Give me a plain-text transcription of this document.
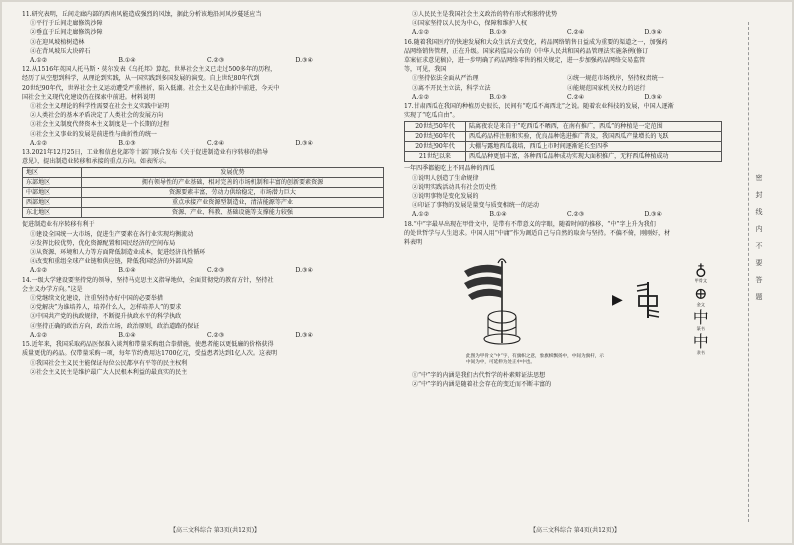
11.研究表明，丘间走廊内部的西南风能造成强烈的风蚀，据此分析该地沿河风沙蔓延应当

①平行于丘间走廊修筑沙障

②垂直于丘间走廊修筑沙障

③在迎风坡植树造林

④在背风坡压大块碎石

A.①②	B.①④	C.②③	D.③④

12.从1516年英国人托马斯・莫尔发表《乌托邦》算起，世界社会主义已走过500多年的历程，

经历了从空想到科学，从理论到实践，从一国实践到多国发展的演变。自上世纪80年代到

20世纪90年代，世界社会主义运动遭受严重挫折，陷入低潮。社会主义是在曲折中前进，今天中

国社会主义现代化建设仍在探索中前进。材料说明

①社会主义理论的科学性需要在社会主义实践中证明

②人类社会的基本矛盾决定了人类社会的发展方向

③社会主义制度代替资本主义制度是一个长期的过程

④社会主义事业的发展是前进性与曲折性的统一

A.①②	B.①③	C.②④	D.③④

13.2021年12月25日，工业和信息化部等十部门联合发布《关于促进制造业有序转移的指导

意见》，提出制造业转移和承接的重点方向。如表所示。

地区	发展优势
东部地区	拥有领导性的产业基础，相对完善的市场机制和丰富的创新要素资源
中部地区	资源要素丰富，劳动力供给稳定，市场潜力巨大
西部地区	重点承接产业资源型制造业，清洁能源等产业
东北地区	资源、产业、科教、基础设施等支撑能力较强

促进制造业有序转移有利于

①建设全国统一大市场，促进生产要素在各行业实现均衡流动

②发挥比较优势，优化资源配置和国民经济的空间布局

③从资源、环境和人力等方面降低制造业成本，促进经济良性循环

④改变和重组全球产业链和供应链，降低我国经济的外部风险

A.①②	B.①④	C.②③	D.③④

14.一级大学建设要坚持党的领导，坚持马克思主义指导地位，全面贯彻党的教育方针，坚持社

会主义办学方向。”这是

①党继续文化建设，注重坚持办好中国的必要举措

②党解决”为谁培养人，培养什么人，怎样培养人”的要求

③中国共产党的执政规律，不断提升执政水平的科学执政

④坚持正确的政治方向，政治立场，政治原则，政治道路的保证

A.①②	B.①④	C.②③	D.③④

15.近年来，我国采取药品医保准入谈判和带量采购组合拳措施，使患者能以更低廉的价格获得

质量更优的药品。仅带量采购一项，每年节约费用达1700亿元，受益患者达到1亿人次。这表明

①我国社会主义民主能保证每位公民都享有平等的民主权利

②社会主义民主是维护最广大人民根本利益的最真实的民主

【高三文科综合 第3页(共12页)】

③人民民主是我国社会主义政治的特有形式和独特优势

④国家坚持以人民为中心，保障和维护人权

A.①②	B.①③	C.②④	D.③④

16.随着我国医疗的快速发展和大众生活方式变化，药品网络销售日益成为重要的渠道之一，加强药

品网络销售管理，正在升级。国家药监局公布的《中华人民共和国药品管理法实施条例(修订

草案征求意见稿)》，进一步明确了药品网络零售的相关规定，进一步加强药品网络交易监管

等，可见，我国

①坚持依法全面从严治理	②统一规范市场秩序，坚持权责统一
③离不开民主立法，科学立法	④能规范国家机关权力的运行
A.①②	B.①③	C.②④	D.③④

17.甘肃西瓜在我国的种植历史很长，民间有“吃瓜不离西北”之说。随着农业科技的发展，中国人逐渐

实现了“吃瓜自由”。

20世纪50年代	陆离夜农是来自于”吃西瓜不晒西，在南有推广，西瓜”的种植是一定范围
20世纪60年代	西瓜药品样注册和实验，优良品种选进推广普及，我国西瓜产量增长的飞跃
20世纪90年代	大棚与露地西瓜栽培，西瓜上市时间逐渐延长至四季
21世纪以来	西瓜品种更加丰富，各种西瓜品种成功实现大面积推广，无籽西瓜种植成功

一年四季都能吃上不同品种的西瓜

①说明人创造了生命规律

②说明实践活动具有社会历史性

③说明事物是变化发展的

④印证了事物的发展是量变与质变相统一的运动

A.①②	B.①④	C.②③	D.③④

18.“中”字最早出现在甲骨文中，是带有不带意义的字眼，随着时间的推移，“中”字上升为我们

的处世哲学与人生追求。中国人用“中庸”作为调适自己与自然的取舍与坚持。不偏不倚，刚刚好，材

料表明

此图为甲骨文“中”字，有旗帜之意，象旗帜飘扬中，中间为旗杆，示中间为中，可延伸为处正中中也。

▶
♁
甲骨文
⊕
金文
中
篆书
中
隶书

①“中”字的内涵是我们古代哲学的朴素辩证法思想

②“中”字的内涵是随着社会存在的变迁而不断丰富的

【高三文科综合 第4页(共12页)】
密封线内不要答题
